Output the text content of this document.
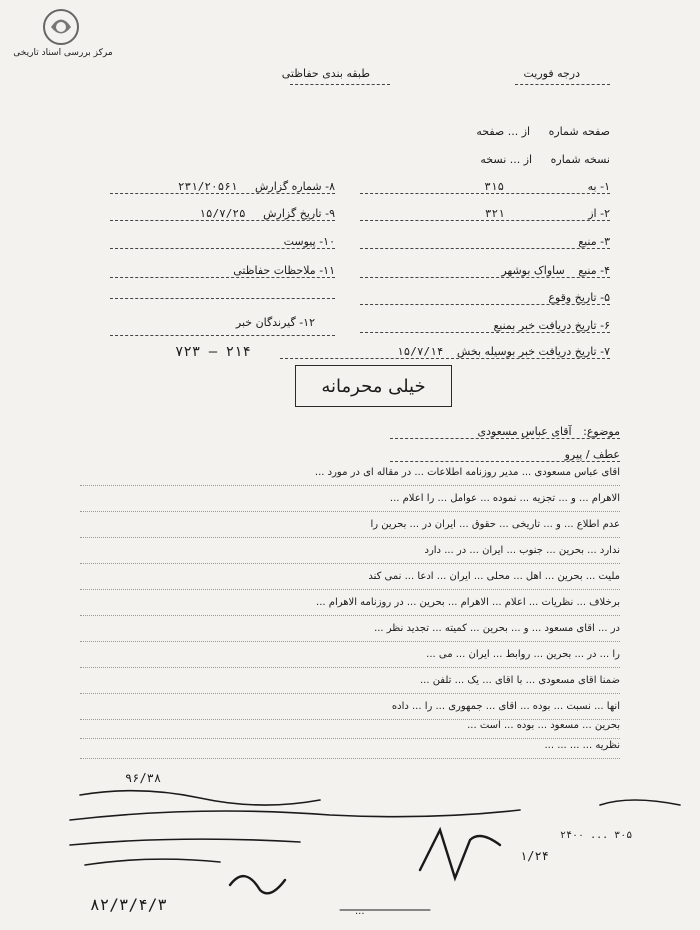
مرکز بررسی اسناد تاریخی
درجه فوریت
طبقه بندی حفاظتی
صفحه شماره از ... صفحه
نسخه شماره از ... نسخه
۱- به ۳۱۵
۲- از ۳۲۱
۳- منبع
۴- منبع ساواک بوشهر
۵- تاریخ وقوع
۶- تاریخ دریافت خبر بمنبع
۷- تاریخ دریافت خبر بوسیله بخش ۱۵/۷/۱۴
۸- شماره گزارش ۲۳۱/۲۰۵۶۱
۹- تاریخ گزارش ۱۵/۷/۲۵
۱۰- پیوست
۱۱- ملاحظات حفاظتی
۱۲- گیرندگان خبر
۷۲۳ — ۲۱۴
خیلی محرمانه
موضوع: آقای عباس مسعودی
عطف / پیرو
آقای عباس مسعودی ... مدیر روزنامه اطلاعات ... در مقاله ای در مورد ...
الاهرام ... و ... تجزیه ... نموده ... عوامل ... را اعلام ...
عدم اطلاع ... و ... تاریخی ... حقوق ... ایران در ... بحرین را
ندارد ... بحرین ... جنوب ... ایران ... در ... دارد
ملیت ... بحرین ... اهل ... محلی ... ایران ... ادعا ... نمی کند
برخلاف ... نظریات ... اعلام ... الاهرام ... بحرین ... در روزنامه الاهرام ...
در ... آقای مسعود ... و ... بحرین ... کمیته ... تجدید نظر ...
را ... در ... بحرین ... روابط ... ایران ... می ...
ضمنا آقای مسعودی ... با آقای ... یک ... تلفن ...
آنها ... نسبت ... بوده ... آقای ... جمهوری ... را ... داده
بحرین ... مسعود ... بوده ... است ...
نظریه ... ... ... ...
۹۶/۳۸
۱/۲۴
۲۴۰۰ ... ۳۰۵
۸۲/۳/۴/۳	...
